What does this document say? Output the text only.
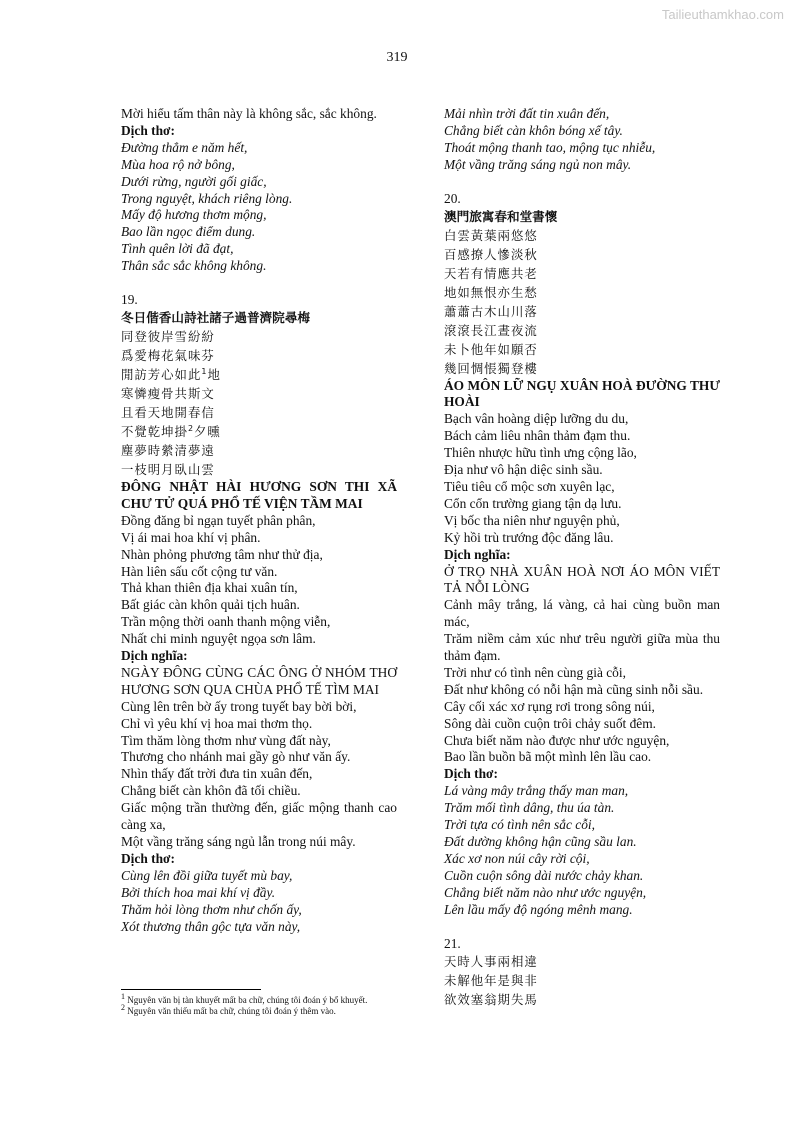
Tailieuthamkhao.com
319
Mời hiểu tấm thân này là không sắc, sắc không.
Dịch thơ:
Đường thẳm e năm hết,
Mùa hoa rộ nở bông,
Dưới rừng, người gối giấc,
Trong nguyệt, khách riêng lòng.
Mấy độ hương thơm mộng,
Bao lần ngọc điểm dung.
Tình quên lời đã đạt,
Thân sắc sắc không không.
19.
冬日偕香山詩社諸子過普濟院尋梅
同登彼岸雪紛紛
爲愛梅花氣味芬
閒訪芳心如此$^1$地
寒憐瘦骨共斯文
且看天地開春信
不覺乾坤掛$^2$夕曛
塵夢時縈清夢遠
一枝明月臥山雲
ĐÔNG NHẬT HÀI HƯƠNG SƠN THI XÃ CHƯ TỬ QUÁ PHỔ TẾ VIỆN TẦM MAI
Đồng đăng bỉ ngạn tuyết phân phân,
Vị ái mai hoa khí vị phân.
Nhàn phỏng phương tâm như thử địa,
Hàn liên sấu cốt cộng tư văn.
Thả khan thiên địa khai xuân tín,
Bất giác càn khôn quải tịch huân.
Trần mộng thời oanh thanh mộng viễn,
Nhất chi minh nguyệt ngọa sơn lâm.
Dịch nghĩa:
NGÀY ĐÔNG CÙNG CÁC ÔNG Ở NHÓM THƠ HƯƠNG SƠN QUA CHÙA PHỔ TẾ TÌM MAI
Cùng lên trên bờ ấy trong tuyết bay bời bời,
Chỉ vì yêu khí vị hoa mai thơm thọ.
Tìm thăm lòng thơm như vùng đất này,
Thương cho nhánh mai gầy gò như văn ấy.
Nhìn thấy đất trời đưa tin xuân đến,
Chẳng biết càn khôn đã tối chiều.
Giấc mộng trần thường đến, giấc mộng thanh cao càng xa,
Một vầng trăng sáng ngủ lẫn trong núi mây.
Dịch thơ:
Cùng lên đồi giữa tuyết mù bay,
Bởi thích hoa mai khí vị đầy.
Thăm hỏi lòng thơm như chốn ấy,
Xót thương thân gộc tựa văn này,
$^1$ Nguyên văn bị tàn khuyết mất ba chữ, chúng tôi đoán ý bổ khuyết.
$^2$ Nguyên văn thiếu mất ba chữ, chúng tôi đoán ý thêm vào.
Mải nhìn trời đất tin xuân đến,
Chẳng biết càn khôn bóng xế tây.
Thoát mộng thanh tao, mộng tục nhiễu,
Một vầng trăng sáng ngủ non mây.
20.
澳門旅寓春和堂書懷
白雲黃葉兩悠悠
百感撩人慘淡秋
天若有情應共老
地如無恨亦生愁
蕭蕭古木山川落
滾滾長江晝夜流
未卜他年如願否
幾回惆悵獨登樓
ÁO MÔN LỮ NGỤ XUÂN HOÀ ĐƯỜNG THƯ HOÀI
Bạch vân hoàng diệp lưỡng du du,
Bách cảm liêu nhân thảm đạm thu.
Thiên nhược hữu tình ưng cộng lão,
Địa như vô hận diệc sinh sầu.
Tiêu tiêu cổ mộc sơn xuyên lạc,
Cổn cổn trường giang tận dạ lưu.
Vị bốc tha niên như nguyện phủ,
Kỷ hồi trù trướng độc đăng lâu.
Dịch nghĩa:
Ở TRỌ NHÀ XUÂN HOÀ NƠI ÁO MÔN VIẾT TẢ NỖI LÒNG
Cảnh mây trắng, lá vàng, cả hai cùng buồn man mác,
Trăm niềm cảm xúc như trêu người giữa mùa thu thảm đạm.
Trời như có tình nên cùng già cỗi,
Đất như không có nỗi hận mà cũng sinh nỗi sầu.
Cây cối xác xơ rụng rơi trong sông núi,
Sông dài cuồn cuộn trôi chảy suốt đêm.
Chưa biết năm nào được như ước nguyện,
Bao lần buồn bã một mình lên lầu cao.
Dịch thơ:
Lá vàng mây trắng thấy man man,
Trăm mối tình dâng, thu úa tàn.
Trời tựa có tình nên sắc cỗi,
Đất dường không hận cũng sầu lan.
Xác xơ non núi cây rời cội,
Cuồn cuộn sông dài nước chảy khan.
Chẳng biết năm nào như ước nguyện,
Lên lầu mấy độ ngóng mênh mang.
21.
天時人事兩相違
未解他年是與非
欲效塞翁期失馬
